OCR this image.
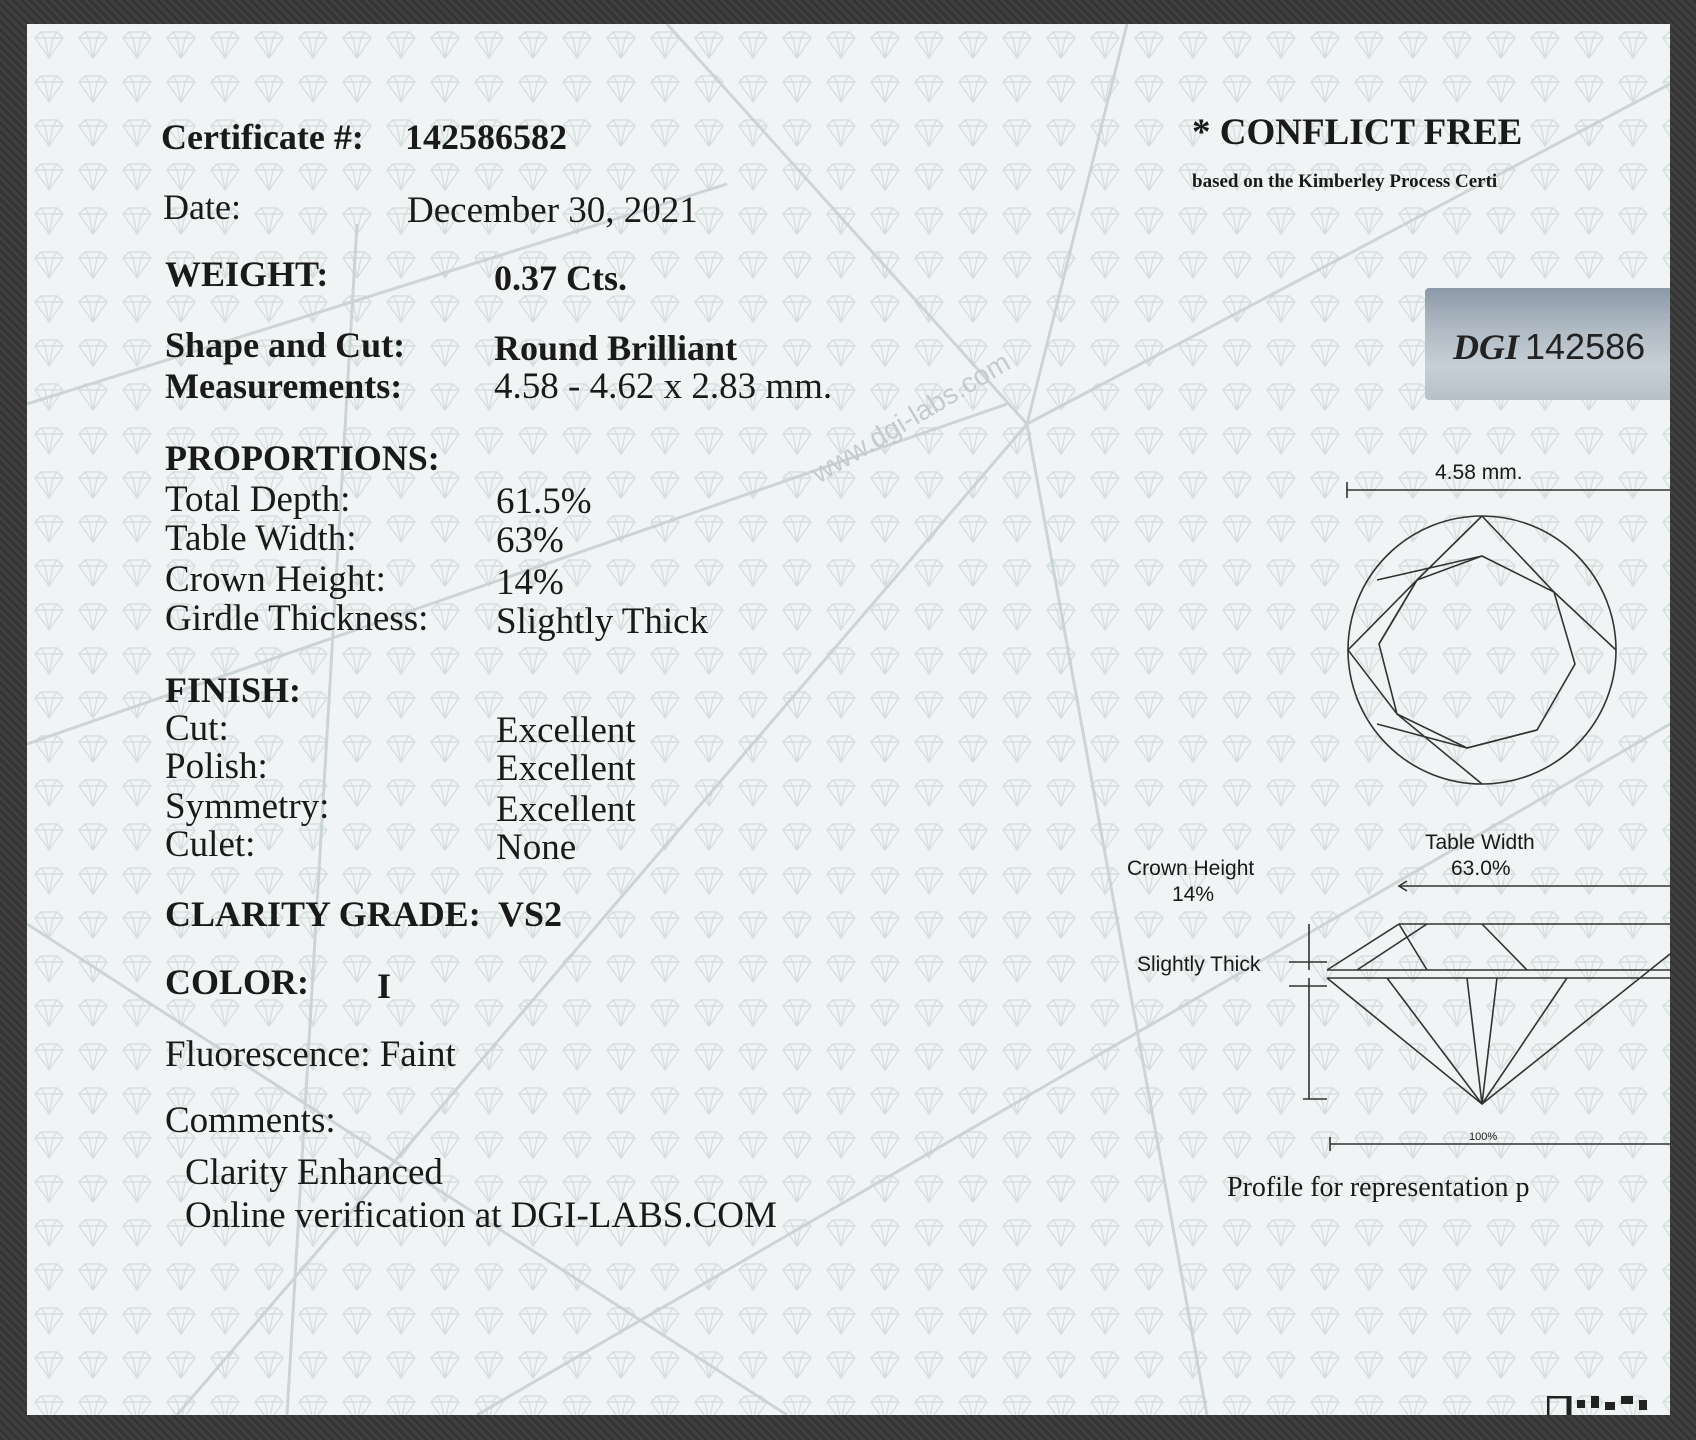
Certificate #: 142586582
Date:	December 30, 2021
WEIGHT:	0.37 Cts.
Shape and Cut: Round Brilliant
Measurements: 4.58 - 4.62 x 2.83 mm.
PROPORTIONS:
Total Depth:	61.5%
Table Width:	63%
Crown Height:	14%
Girdle Thickness: Slightly Thick
FINISH:
Cut:	Excellent
Polish:	Excellent
Symmetry:	Excellent
Culet:	None
CLARITY GRADE: VS2
COLOR: I
Fluorescence: Faint
Comments:
Clarity Enhanced
Online verification at DGI-LABS.COM
www.dgi-labs.com
* CONFLICT FREE
based on the Kimberley Process Certi
DGI 142586
4.58 mm.
Table Width
63.0%
Crown Height
14%
Slightly Thick
100%
Profile for representation p
